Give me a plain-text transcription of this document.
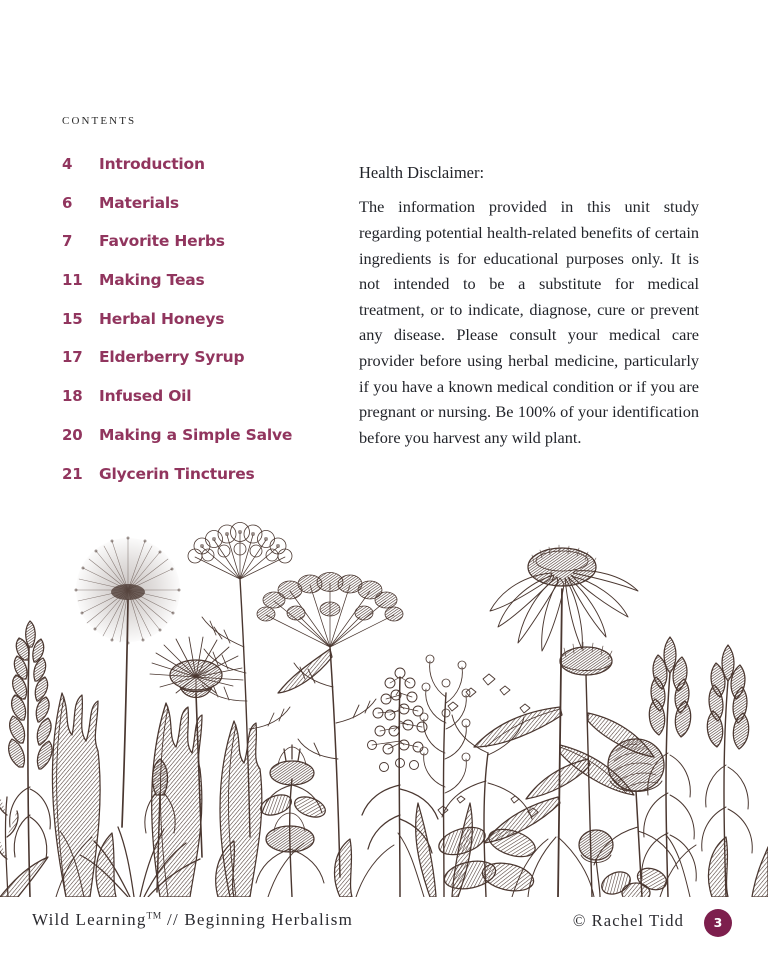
contents
4	Introduction
6	Materials
7	Favorite Herbs
11	Making Teas
15	Herbal Honeys
17	Elderberry Syrup
18	Infused Oil
20	Making a Simple Salve
21	Glycerin Tinctures

Health Disclaimer:

The information provided in this unit study regarding potential health-related benefits of certain ingredients is for educational purposes only. It is not intended to be a substitute for medical treatment, or to indicate, diagnose, cure or prevent any disease. Please consult your medical care provider before using herbal medicine, particularly if you have a known medical condition or if you are pregnant or nursing. Be 100% of your identification before you harvest any wild plant.

Wild Learning™ // Beginning Herbalism	© Rachel Tidd	3
